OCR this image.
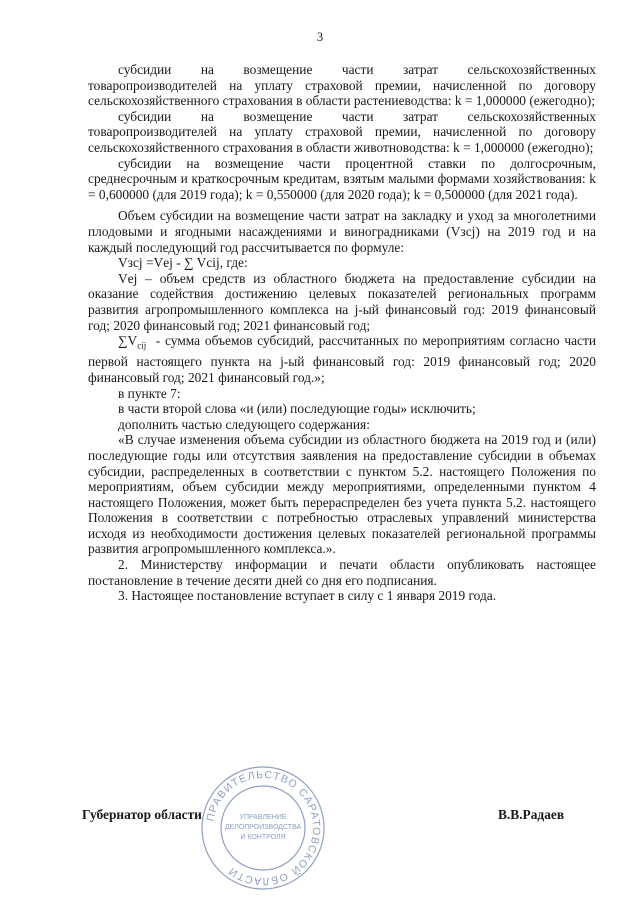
3

субсидии на возмещение части затрат сельскохозяйственных товаропроизводителей на уплату страховой премии, начисленной по договору сельскохозяйственного страхования в области растениеводства: k = 1,000000 (ежегодно);

субсидии на возмещение части затрат сельскохозяйственных товаропроизводителей на уплату страховой премии, начисленной по договору сельскохозяйственного страхования в области животноводства: k = 1,000000 (ежегодно);

субсидии на возмещение части процентной ставки по долгосрочным, среднесрочным и краткосрочным кредитам, взятым малыми формами хозяйствования: k = 0,600000 (для 2019 года); k = 0,550000 (для 2020 года); k = 0,500000 (для 2021 года).

Объем субсидии на возмещение части затрат на закладку и уход за многолетними плодовыми и ягодными насаждениями и виноградниками (Vзсj) на 2019 год и на каждый последующий год рассчитывается по формуле:

Vзсj =Vеj - ∑ Vсij, где:

Vеj – объем средств из областного бюджета на предоставление субсидии на оказание содействия достижению целевых показателей региональных программ развития агропромышленного комплекса на j-ый финансовый год: 2019 финансовый год; 2020 финансовый год; 2021 финансовый год;

$\sum V_{сij}$ - сумма объемов субсидий, рассчитанных по мероприятиям согласно части первой настоящего пункта на j-ый финансовый год: 2019 финансовый год; 2020 финансовый год; 2021 финансовый год.»;

в пункте 7:

в части второй слова «и (или) последующие годы» исключить;

дополнить частью следующего содержания:

«В случае изменения объема субсидии из областного бюджета на 2019 год и (или) последующие годы или отсутствия заявления на предоставление субсидии в объемах субсидии, распределенных в соответствии с пунктом 5.2. настоящего Положения по мероприятиям, объем субсидии между мероприятиями, определенными пунктом 4 настоящего Положения, может быть перераспределен без учета пункта 5.2. настоящего Положения в соответствии с потребностью отраслевых управлений министерства исходя из необходимости достижения целевых показателей региональной программы развития агропромышленного комплекса.».

2. Министерству информации и печати области опубликовать настоящее постановление в течение десяти дней со дня его подписания.

3. Настоящее постановление вступает в силу с 1 января 2019 года.

Губернатор области	В.В.Радаев
ПРАВИТЕЛЬСТВО САРАТОВСКОЙ ОБЛАСТИ
УПРАВЛЕНИЕ
ДЕЛОПРОИЗВОДСТВА
И КОНТРОЛЯ
